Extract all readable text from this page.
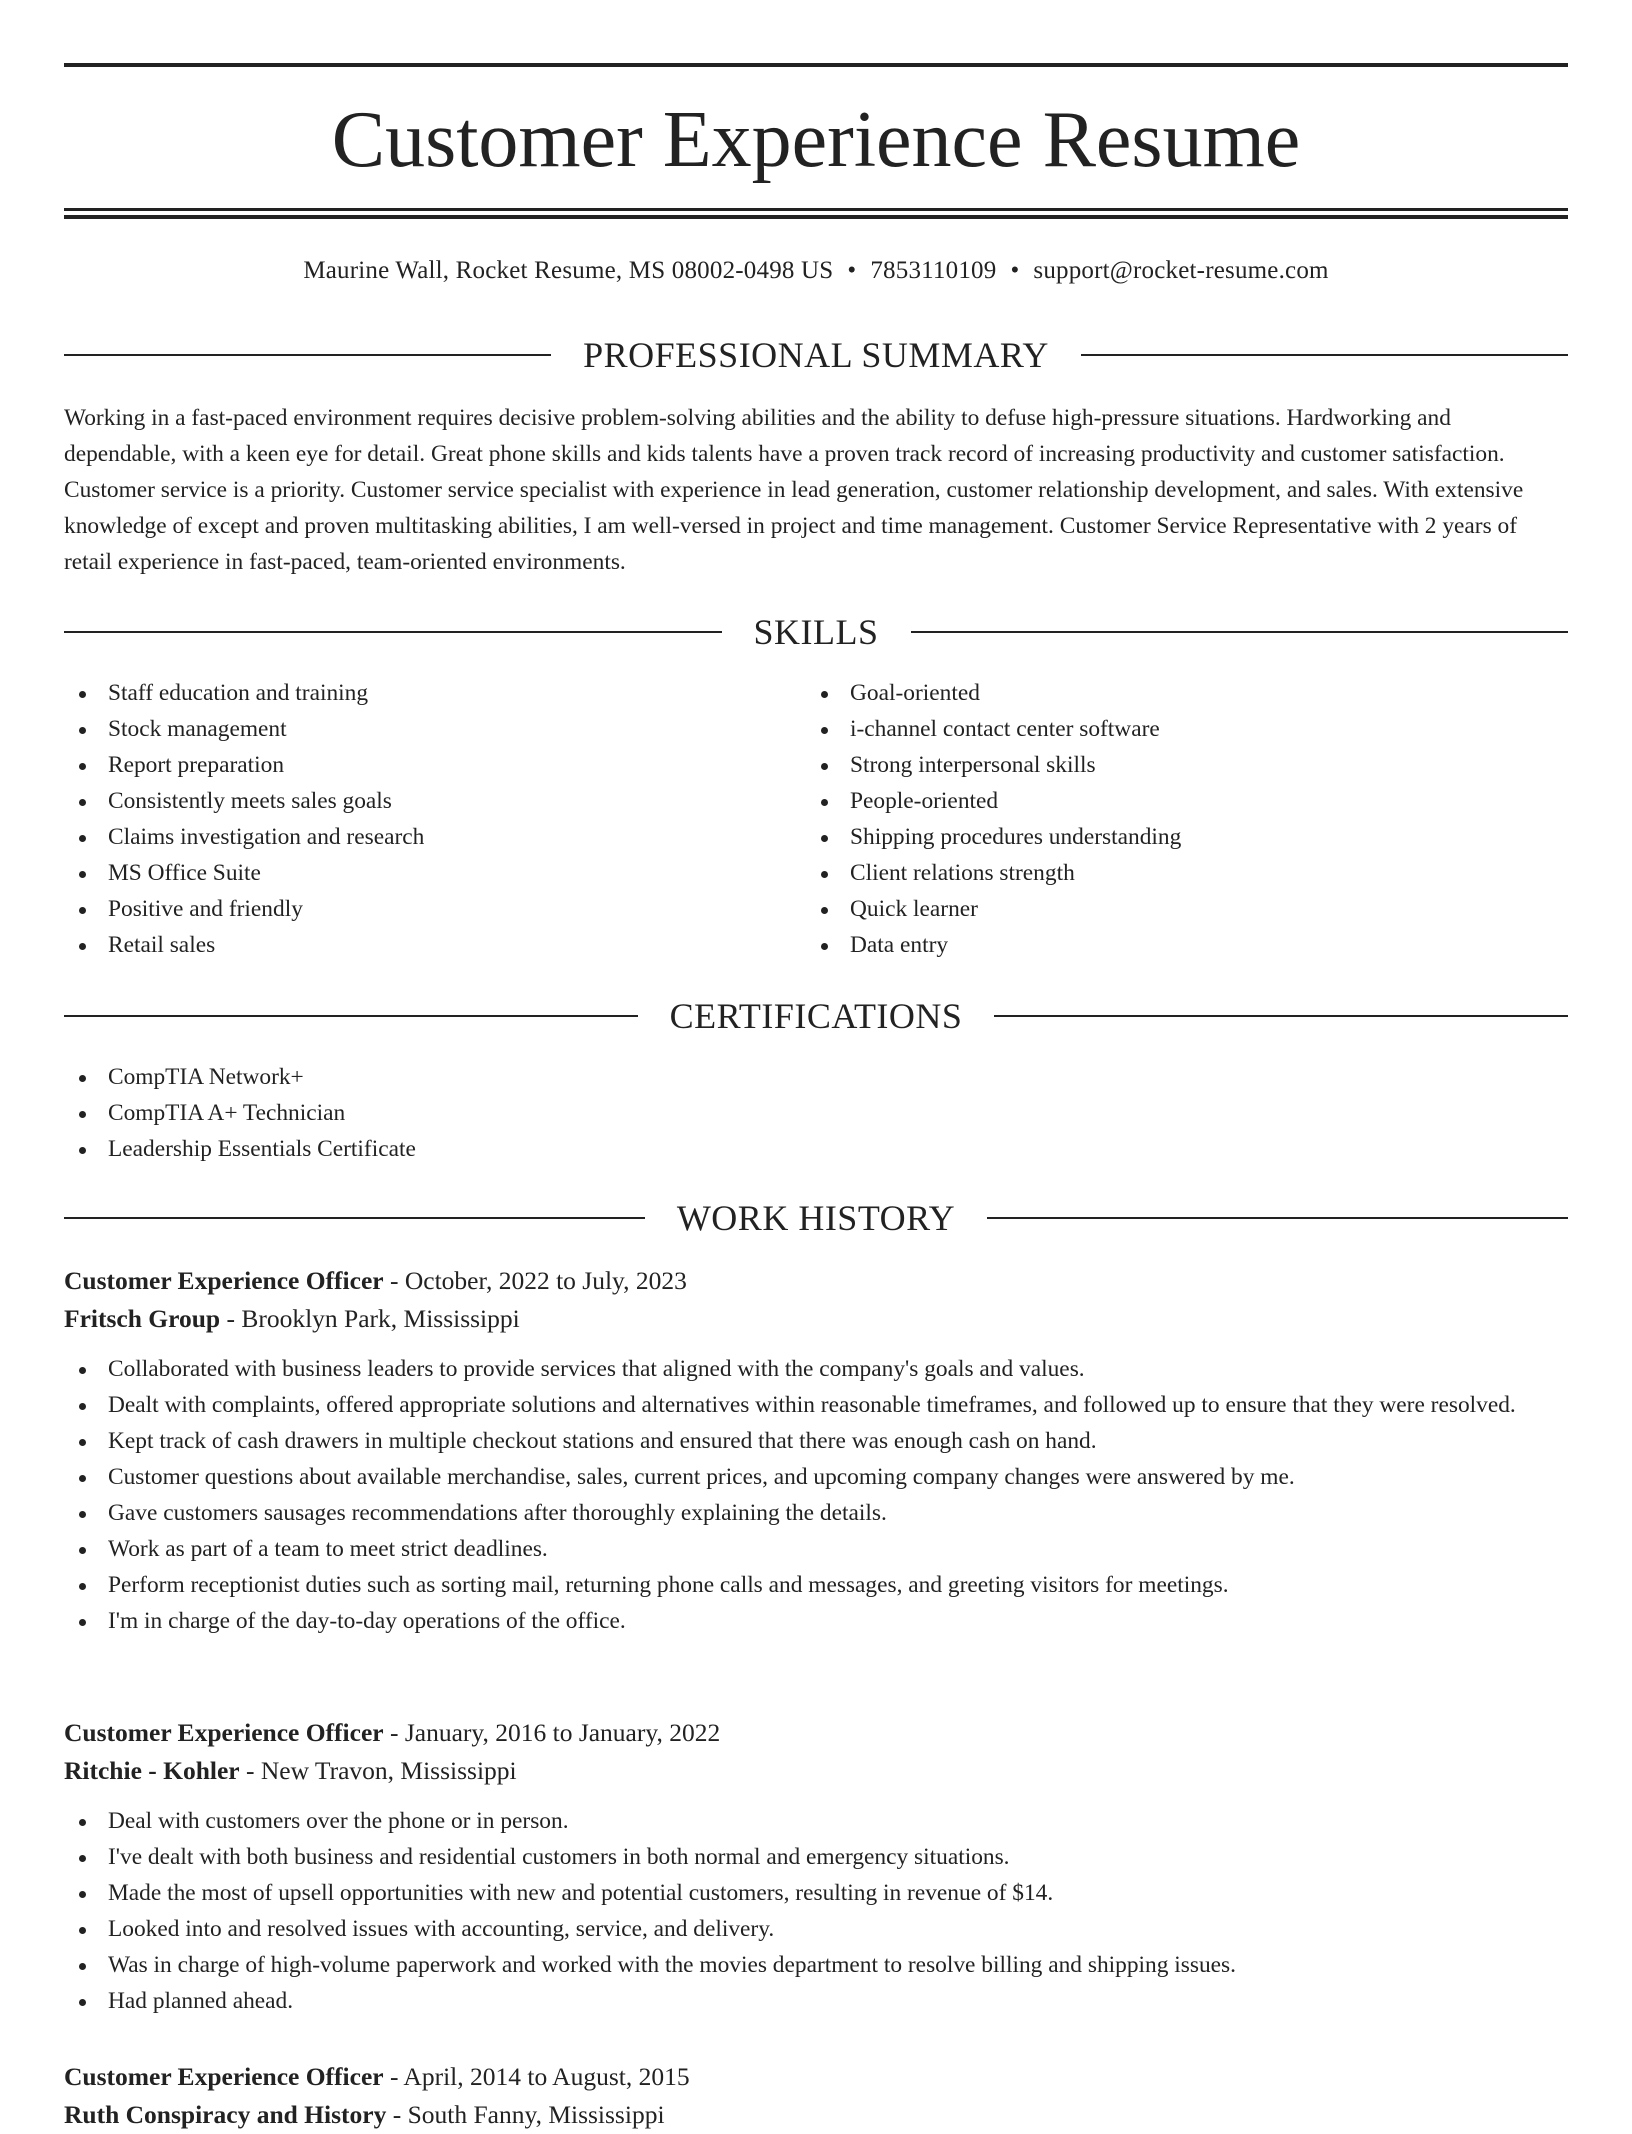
Customer Experience Resume
Maurine Wall, Rocket Resume, MS 08002-0498 US • 7853110109 • support@rocket-resume.com
PROFESSIONAL SUMMARY

Working in a fast-paced environment requires decisive problem-solving abilities and the ability to defuse high-pressure situations. Hardworking and dependable, with a keen eye for detail. Great phone skills and kids talents have a proven track record of increasing productivity and customer satisfaction. Customer service is a priority. Customer service specialist with experience in lead generation, customer relationship development, and sales. With extensive knowledge of except and proven multitasking abilities, I am well-versed in project and time management. Customer Service Representative with 2 years of retail experience in fast-paced, team-oriented environments.

SKILLS
Staff education and training
Stock management
Report preparation
Consistently meets sales goals
Claims investigation and research
MS Office Suite
Positive and friendly
Retail sales
Goal-oriented
i-channel contact center software
Strong interpersonal skills
People-oriented
Shipping procedures understanding
Client relations strength
Quick learner
Data entry
CERTIFICATIONS
CompTIA Network+
CompTIA A+ Technician
Leadership Essentials Certificate
WORK HISTORY
Customer Experience Officer - October, 2022 to July, 2023
Fritsch Group - Brooklyn Park, Mississippi
Collaborated with business leaders to provide services that aligned with the company's goals and values.
Dealt with complaints, offered appropriate solutions and alternatives within reasonable timeframes, and followed up to ensure that they were resolved.
Kept track of cash drawers in multiple checkout stations and ensured that there was enough cash on hand.
Customer questions about available merchandise, sales, current prices, and upcoming company changes were answered by me.
Gave customers sausages recommendations after thoroughly explaining the details.
Work as part of a team to meet strict deadlines.
Perform receptionist duties such as sorting mail, returning phone calls and messages, and greeting visitors for meetings.
I'm in charge of the day-to-day operations of the office.
Customer Experience Officer - January, 2016 to January, 2022
Ritchie - Kohler - New Travon, Mississippi
Deal with customers over the phone or in person.
I've dealt with both business and residential customers in both normal and emergency situations.
Made the most of upsell opportunities with new and potential customers, resulting in revenue of $14.
Looked into and resolved issues with accounting, service, and delivery.
Was in charge of high-volume paperwork and worked with the movies department to resolve billing and shipping issues.
Had planned ahead.
Customer Experience Officer - April, 2014 to August, 2015
Ruth Conspiracy and History - South Fanny, Mississippi
